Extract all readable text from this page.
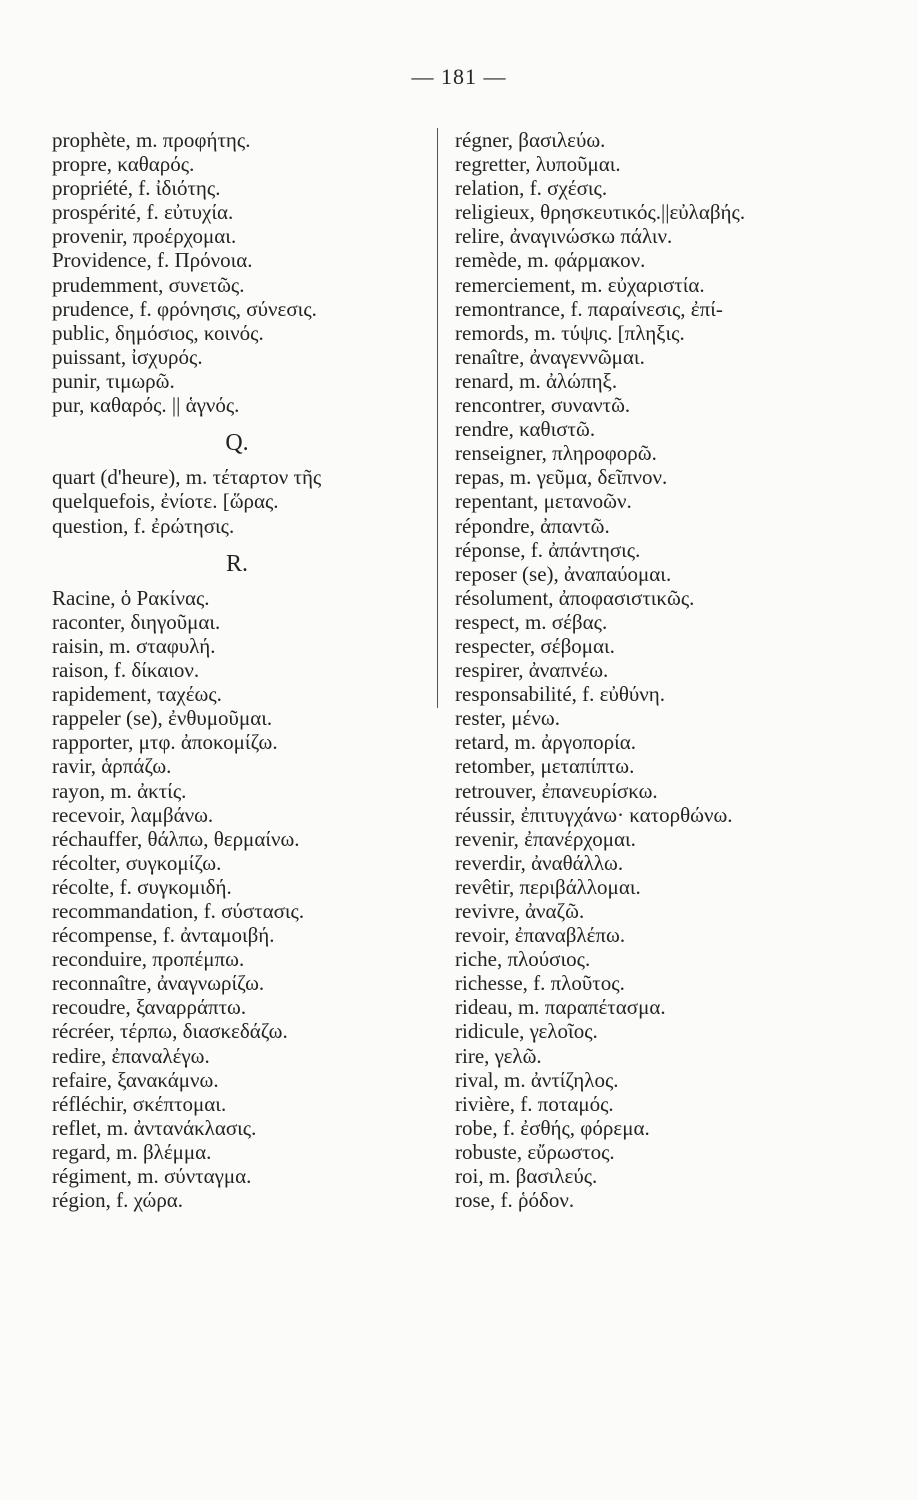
— 181 —
prophète, m. προφήτης.
propre, καθαρός.
propriété, f. ἰδιότης.
prospérité, f. εὐτυχία.
provenir, προέρχομαι.
Providence, f. Πρόνοια.
prudemment, συνετῶς.
prudence, f. φρόνησις, σύνεσις.
public, δημόσιος, κοινός.
puissant, ἰσχυρός.
punir, τιμωρῶ.
pur, καθαρός. || ἁγνός.
Q.
quart (d'heure), m. τέταρτον τῆς
quelquefois, ἐνίοτε. [ὥρας.
question, f. ἐρώτησις.
R.
Racine, ὁ Ρακίνας.
raconter, διηγοῦμαι.
raisin, m. σταφυλή.
raison, f. δίκαιον.
rapidement, ταχέως.
rappeler (se), ἐνθυμοῦμαι.
rapporter, μτφ. ἀποκομίζω.
ravir, ἁρπάζω.
rayon, m. ἀκτίς.
recevoir, λαμβάνω.
réchauffer, θάλπω, θερμαίνω.
récolter, συγκομίζω.
récolte, f. συγκομιδή.
recommandation, f. σύστασις.
récompense, f. ἀνταμοιβή.
reconduire, προπέμπω.
reconnaître, ἀναγνωρίζω.
recoudre, ξαναρράπτω.
récréer, τέρπω, διασκεδάζω.
redire, ἐπαναλέγω.
refaire, ξανακάμνω.
réfléchir, σκέπτομαι.
reflet, m. ἀντανάκλασις.
regard, m. βλέμμα.
régiment, m. σύνταγμα.
région, f. χώρα.
régner, βασιλεύω.
regretter, λυποῦμαι.
relation, f. σχέσις.
religieux, θρησκευτικός.||εὐλαβής.
relire, ἀναγινώσκω πάλιν.
remède, m. φάρμακον.
remerciement, m. εὐχαριστία.
remontrance, f. παραίνεσις, ἐπί-
remords, m. τύψις. [πληξις.
renaître, ἀναγεννῶμαι.
renard, m. ἀλώπηξ.
rencontrer, συναντῶ.
rendre, καθιστῶ.
renseigner, πληροφορῶ.
repas, m. γεῦμα, δεῖπνον.
repentant, μετανοῶν.
répondre, ἀπαντῶ.
réponse, f. ἀπάντησις.
reposer (se), ἀναπαύομαι.
résolument, ἀποφασιστικῶς.
respect, m. σέβας.
respecter, σέβομαι.
respirer, ἀναπνέω.
responsabilité, f. εὐθύνη.
rester, μένω.
retard, m. ἀργοπορία.
retomber, μεταπίπτω.
retrouver, ἐπανευρίσκω.
réussir, ἐπιτυγχάνω· κατορθώνω.
revenir, ἐπανέρχομαι.
reverdir, ἀναθάλλω.
revêtir, περιβάλλομαι.
revivre, ἀναζῶ.
revoir, ἐπαναβλέπω.
riche, πλούσιος.
richesse, f. πλοῦτος.
rideau, m. παραπέτασμα.
ridicule, γελοῖος.
rire, γελῶ.
rival, m. ἀντίζηλος.
rivière, f. ποταμός.
robe, f. ἐσθής, φόρεμα.
robuste, εὔρωστος.
roi, m. βασιλεύς.
rose, f. ῥόδον.
